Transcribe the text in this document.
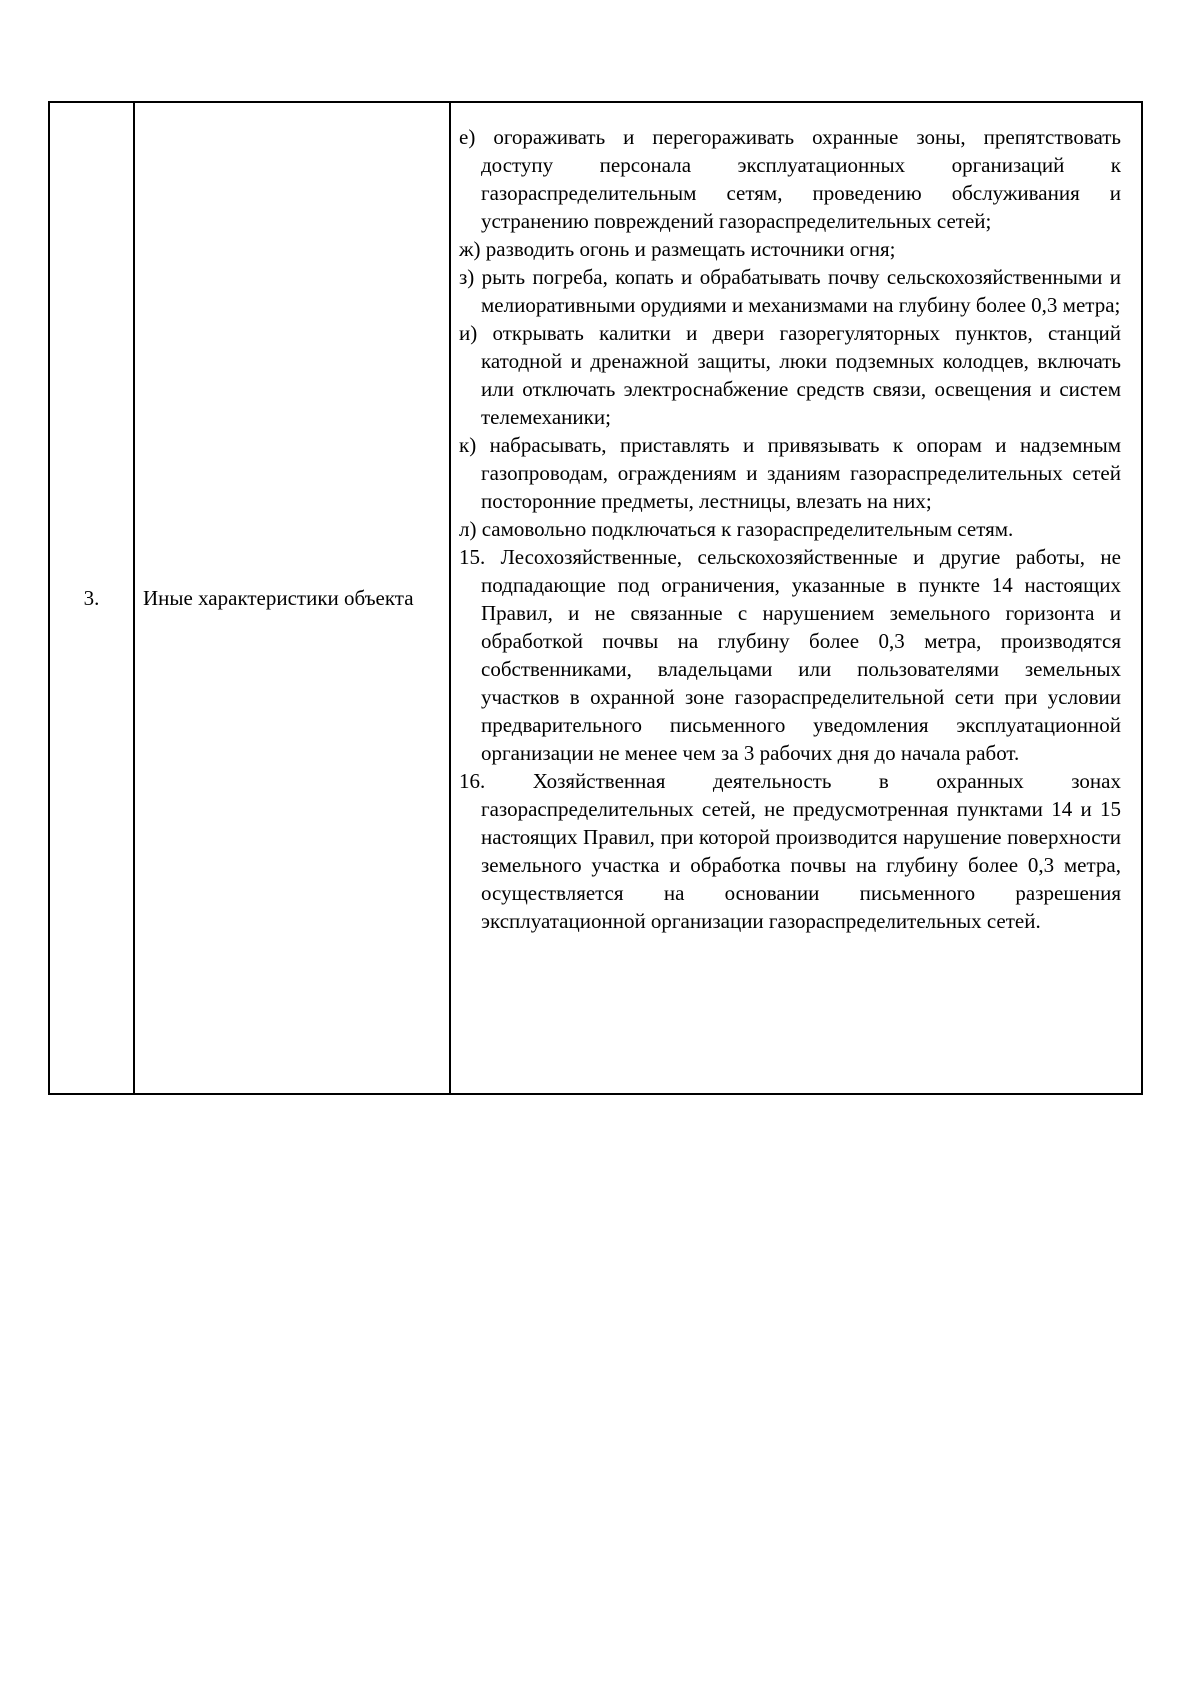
3.	Иные характеристики объекта	

е) огораживать и перегораживать охранные зоны, препятствовать доступу персонала эксплуатационных организаций к газораспределительным сетям, проведению обслуживания и устранению повреждений газораспределительных сетей;

ж) разводить огонь и размещать источники огня;

з) рыть погреба, копать и обрабатывать почву сельскохозяйственными и мелиоративными орудиями и механизмами на глубину более 0,3 метра;

и) открывать калитки и двери газорегуляторных пунктов, станций катодной и дренажной защиты, люки подземных колодцев, включать или отключать электроснабжение средств связи, освещения и систем телемеханики;

к) набрасывать, приставлять и привязывать к опорам и надземным газопроводам, ограждениям и зданиям газораспределительных сетей посторонние предметы, лестницы, влезать на них;

л) самовольно подключаться к газораспределительным сетям.

15. Лесохозяйственные, сельскохозяйственные и другие работы, не подпадающие под ограничения, указанные в пункте 14 настоящих Правил, и не связанные с нарушением земельного горизонта и обработкой почвы на глубину более 0,3 метра, производятся собственниками, владельцами или пользователями земельных участков в охранной зоне газораспределительной сети при условии предварительного письменного уведомления эксплуатационной организации не менее чем за 3 рабочих дня до начала работ.

16. Хозяйственная деятельность в охранных зонах газораспределительных сетей, не предусмотренная пунктами 14 и 15 настоящих Правил, при которой производится нарушение поверхности земельного участка и обработка почвы на глубину более 0,3 метра, осуществляется на основании письменного разрешения эксплуатационной организации газораспределительных сетей.
